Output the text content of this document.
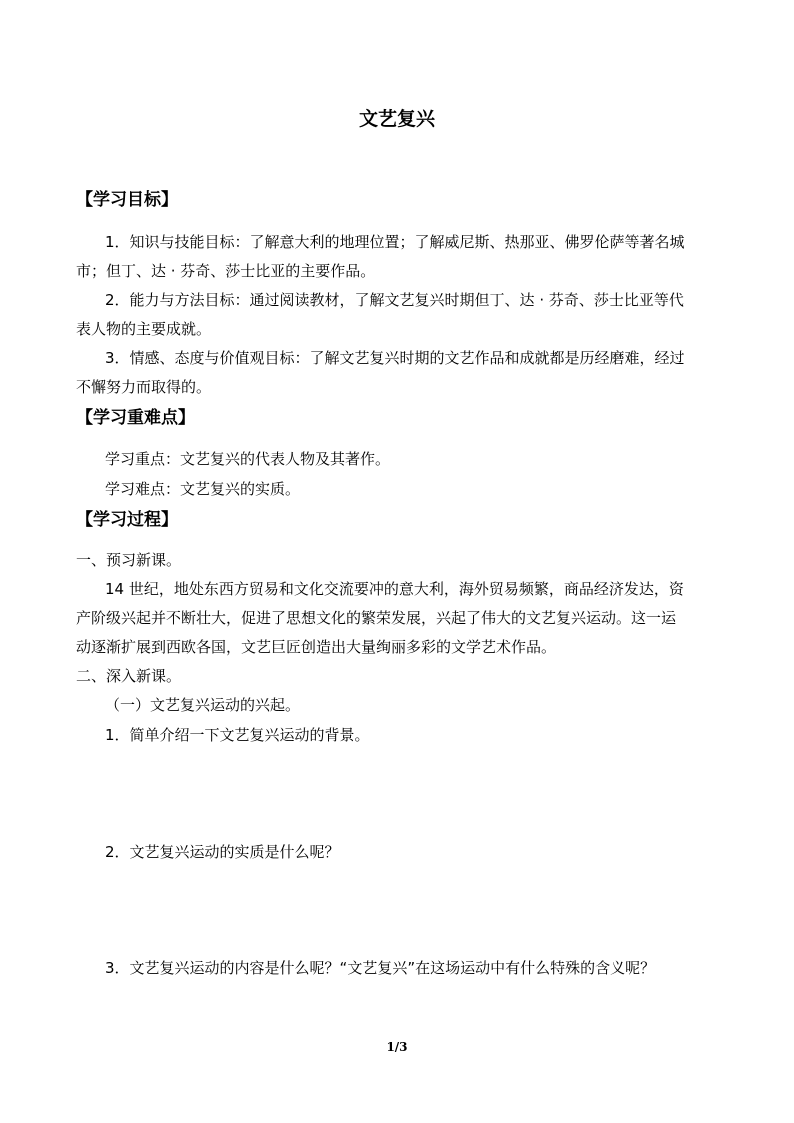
文艺复兴
【学习目标】
1．知识与技能目标：了解意大利的地理位置；了解威尼斯、热那亚、佛罗伦萨等著名城
市；但丁、达 · 芬奇、莎士比亚的主要作品。
2．能力与方法目标：通过阅读教材，了解文艺复兴时期但丁、达 · 芬奇、莎士比亚等代
表人物的主要成就。
3．情感、态度与价值观目标：了解文艺复兴时期的文艺作品和成就都是历经磨难，经过
不懈努力而取得的。
【学习重难点】
学习重点：文艺复兴的代表人物及其著作。
学习难点：文艺复兴的实质。
【学习过程】
一、预习新课。
14 世纪，地处东西方贸易和文化交流要冲的意大利，海外贸易频繁，商品经济发达，资
产阶级兴起并不断壮大，促进了思想文化的繁荣发展，兴起了伟大的文艺复兴运动。这一运
动逐渐扩展到西欧各国，文艺巨匠创造出大量绚丽多彩的文学艺术作品。
二、深入新课。
（一）文艺复兴运动的兴起。
1．简单介绍一下文艺复兴运动的背景。
2．文艺复兴运动的实质是什么呢？
3．文艺复兴运动的内容是什么呢？“文艺复兴”在这场运动中有什么特殊的含义呢？
1/3
